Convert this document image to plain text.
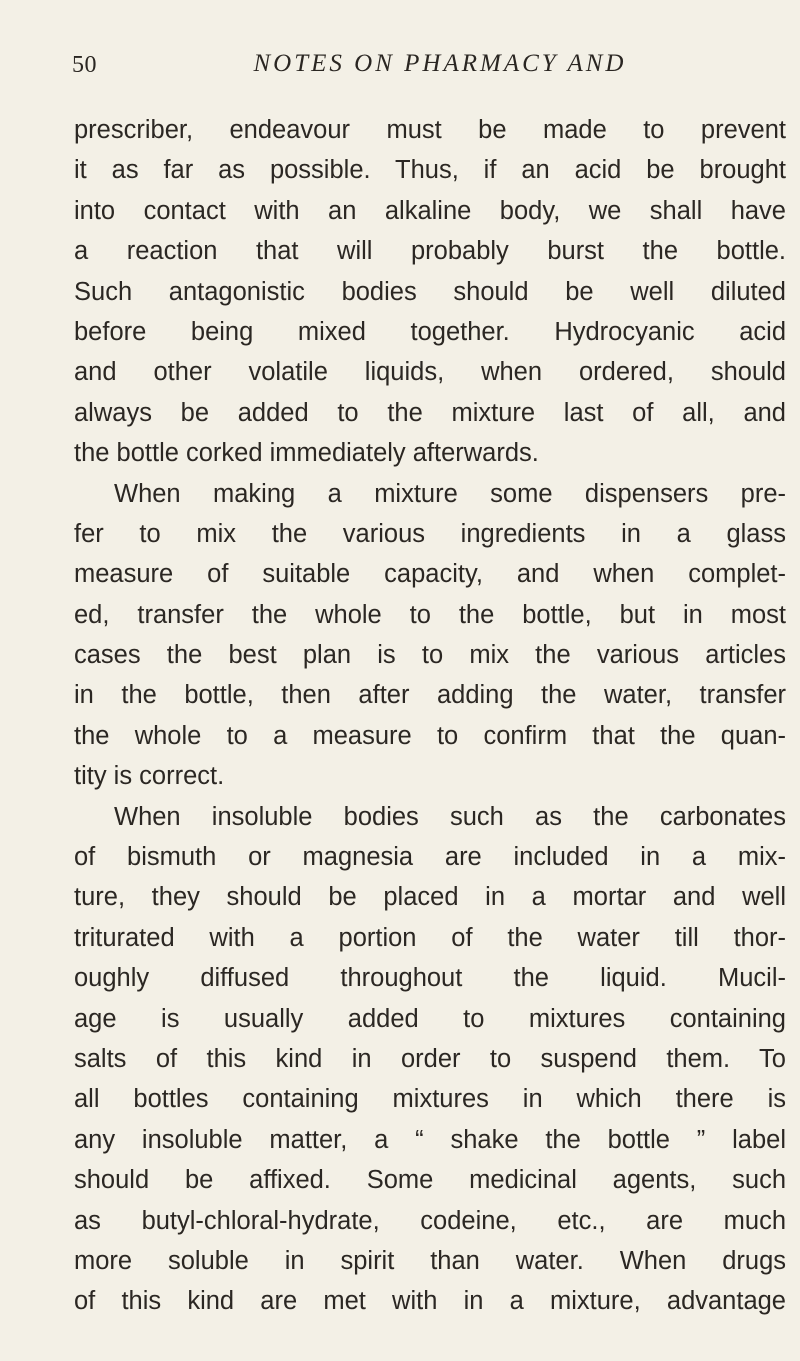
50	NOTES ON PHARMACY AND
prescriber, endeavour must be made to prevent
it as far as possible. Thus, if an acid be brought
into contact with an alkaline body, we shall have
a reaction that will probably burst the bottle.
Such antagonistic bodies should be well diluted
before being mixed together. Hydrocyanic acid
and other volatile liquids, when ordered, should
always be added to the mixture last of all, and
the bottle corked immediately afterwards.
When making a mixture some dispensers pre-
fer to mix the various ingredients in a glass
measure of suitable capacity, and when complet-
ed, transfer the whole to the bottle, but in most
cases the best plan is to mix the various articles
in the bottle, then after adding the water, transfer
the whole to a measure to confirm that the quan-
tity is correct.
When insoluble bodies such as the carbonates
of bismuth or magnesia are included in a mix-
ture, they should be placed in a mortar and well
triturated with a portion of the water till thor-
oughly diffused throughout the liquid. Mucil-
age is usually added to mixtures containing
salts of this kind in order to suspend them. To
all bottles containing mixtures in which there is
any insoluble matter, a “ shake the bottle ” label
should be affixed. Some medicinal agents, such
as butyl-chloral-hydrate, codeine, etc., are much
more soluble in spirit than water. When drugs
of this kind are met with in a mixture, advantage
